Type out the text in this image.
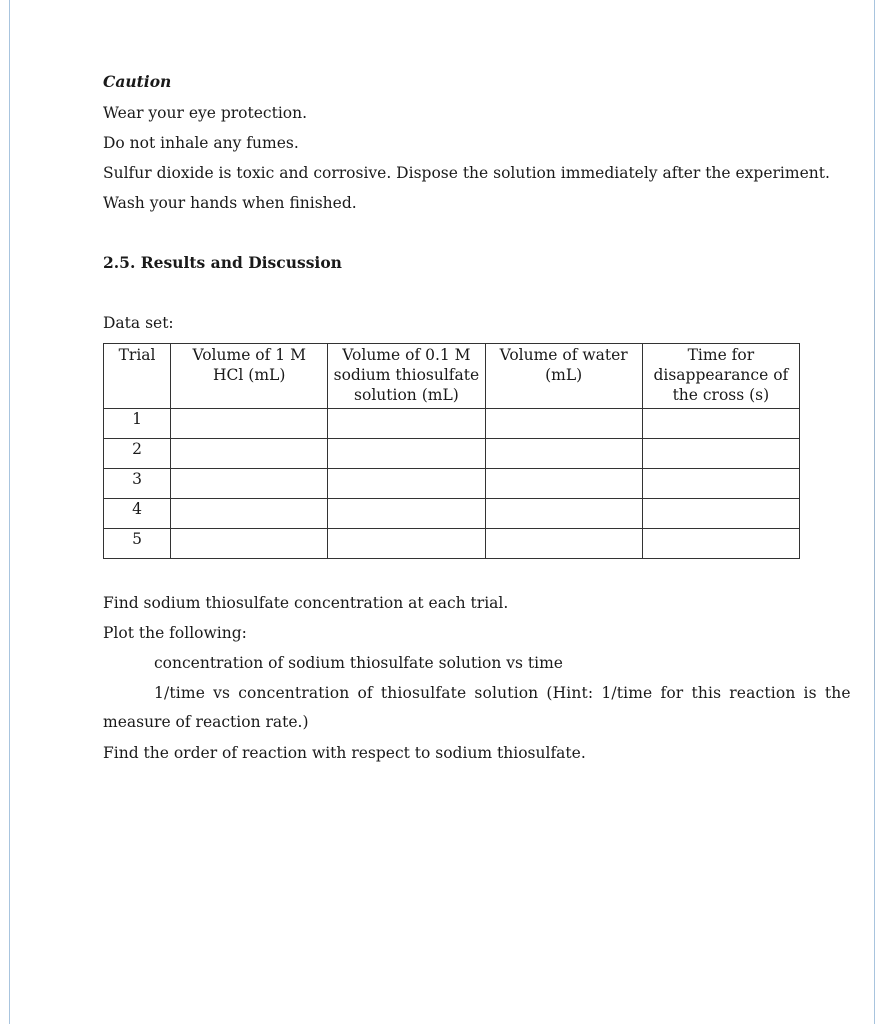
Caution
Wear your eye protection.
Do not inhale any fumes.
Sulfur dioxide is toxic and corrosive. Dispose the solution immediately after the experiment.
Wash your hands when finished.
2.5. Results and Discussion
Data set:
Trial	Volume of 1 M HCl (mL)	Volume of 0.1 M sodium thiosulfate solution (mL)	Volume of water (mL)	Time for disappearance of the cross (s)
1				
2				
3				
4				
5				
Find sodium thiosulfate concentration at each trial.
Plot the following:
concentration of sodium thiosulfate solution vs time
1/time vs concentration of thiosulfate solution (Hint: 1/time for this reaction is the
measure of reaction rate.)
Find the order of reaction with respect to sodium thiosulfate.
